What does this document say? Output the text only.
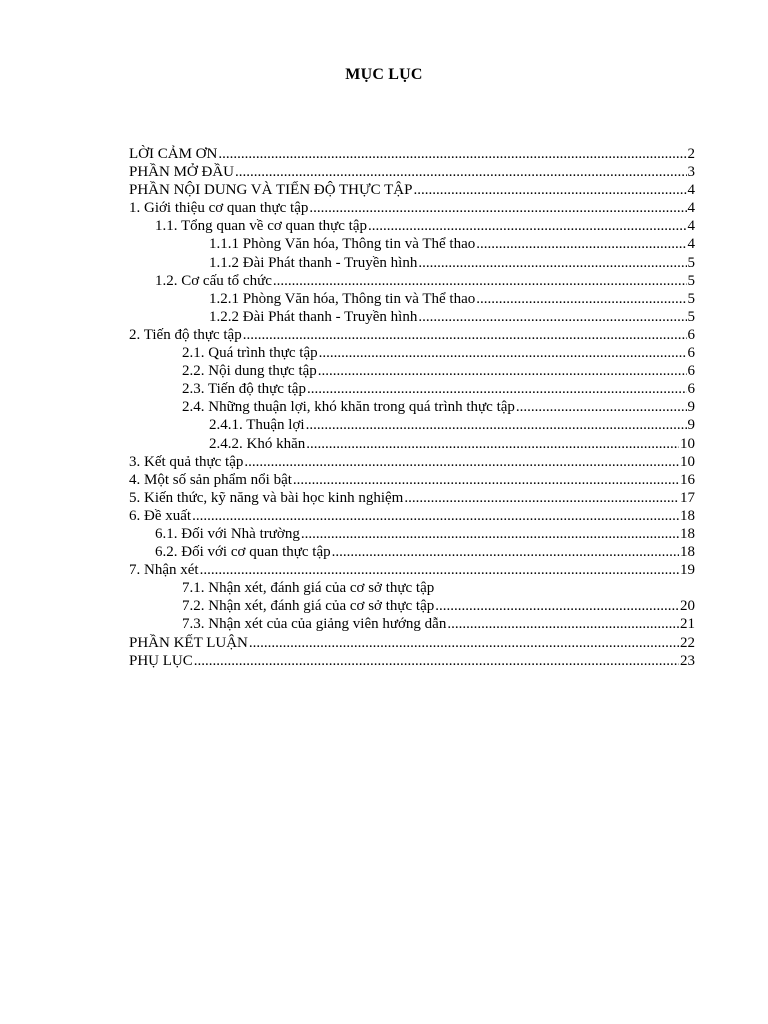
MỤC LỤC
LỜI CẢM ƠN .....	2
PHẦN MỞ ĐẦU .....	3
PHẦN NỘI DUNG VÀ TIẾN ĐỘ THỰC TẬP .....	4
1. Giới thiệu cơ quan thực tập .....	4
1.1. Tổng quan về cơ quan thực tập .....	4
1.1.1 Phòng Văn hóa, Thông tin và Thể thao .....	4
1.1.2 Đài Phát thanh - Truyền hình .....	5
1.2. Cơ cấu tổ chức .....	5
1.2.1 Phòng Văn hóa, Thông tin và Thể thao .....	5
1.2.2 Đài Phát thanh - Truyền hình .....	5
2. Tiến độ thực tập .....	6
2.1. Quá trình thực tập .....	6
2.2. Nội dung thực tập .....	6
2.3. Tiến độ thực tập .....	6
2.4. Những thuận lợi, khó khăn trong quá trình thực tập .....	9
2.4.1. Thuận lợi .....	9
2.4.2. Khó khăn .....	10
3. Kết quả thực tập .....	10
4. Một số sản phẩm nổi bật .....	16
5. Kiến thức, kỹ năng và bài học kinh nghiệm .....	17
6. Đề xuất .....	18
6.1. Đối với Nhà trường .....	18
6.2. Đối với cơ quan thực tập .....	18
7. Nhận xét .....	19
7.1. Nhận xét, đánh giá của cơ sở thực tập
7.2. Nhận xét, đánh giá của cơ sở thực tập .....	20
7.3. Nhận xét của của giảng viên hướng dẫn .....	21
PHẦN KẾT LUẬN .....	22
PHỤ LỤC .....	23
